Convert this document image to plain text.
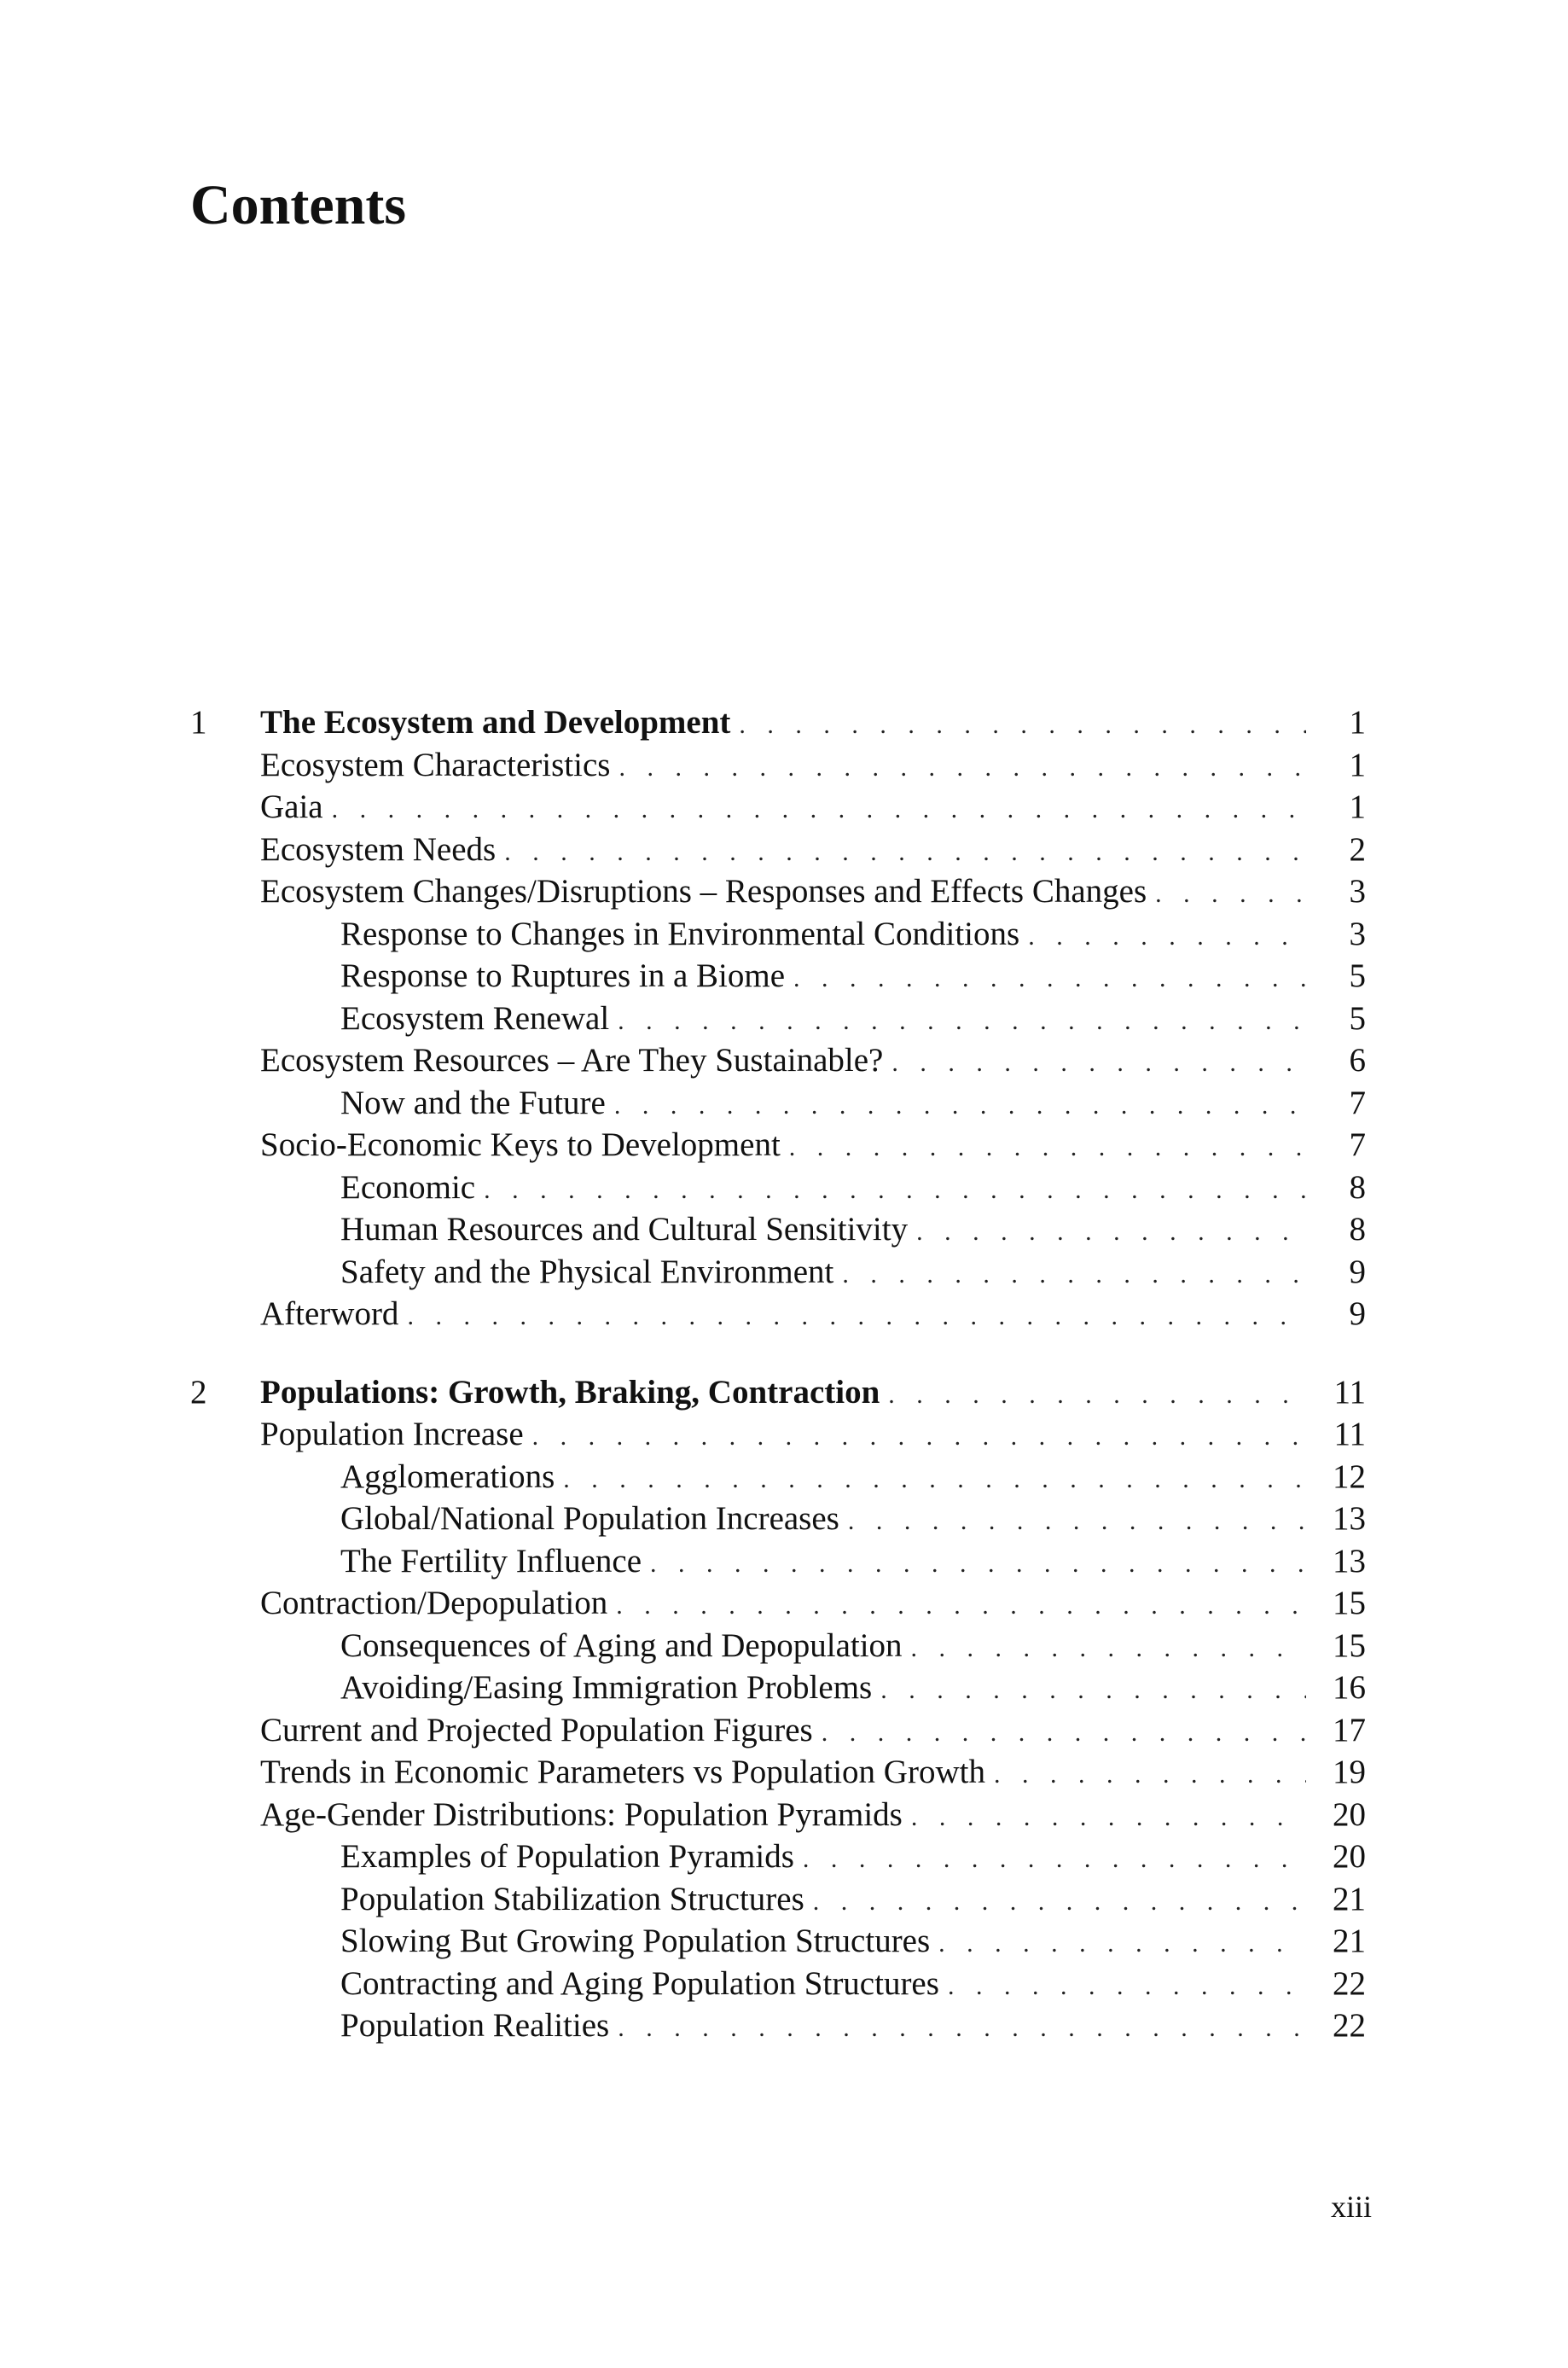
Contents
1	The Ecosystem and Development . . .	1
Ecosystem Characteristics . . .	1
Gaia . . .	1
Ecosystem Needs . . .	2
Ecosystem Changes/Disruptions – Responses and Effects Changes . . .	3
Response to Changes in Environmental Conditions . . .	3
Response to Ruptures in a Biome . . .	5
Ecosystem Renewal . . .	5
Ecosystem Resources – Are They Sustainable? . . .	6
Now and the Future . . .	7
Socio-Economic Keys to Development . . .	7
Economic . . .	8
Human Resources and Cultural Sensitivity . . .	8
Safety and the Physical Environment . . .	9
Afterword . . .	9
2	Populations: Growth, Braking, Contraction . . .	11
Population Increase . . .	11
Agglomerations . . .	12
Global/National Population Increases . . .	13
The Fertility Influence . . .	13
Contraction/Depopulation . . .	15
Consequences of Aging and Depopulation . . .	15
Avoiding/Easing Immigration Problems . . .	16
Current and Projected Population Figures . . .	17
Trends in Economic Parameters vs Population Growth . . .	19
Age-Gender Distributions: Population Pyramids . . .	20
Examples of Population Pyramids . . .	20
Population Stabilization Structures . . .	21
Slowing But Growing Population Structures . . .	21
Contracting and Aging Population Structures . . .	22
Population Realities . . .	22
xiii
